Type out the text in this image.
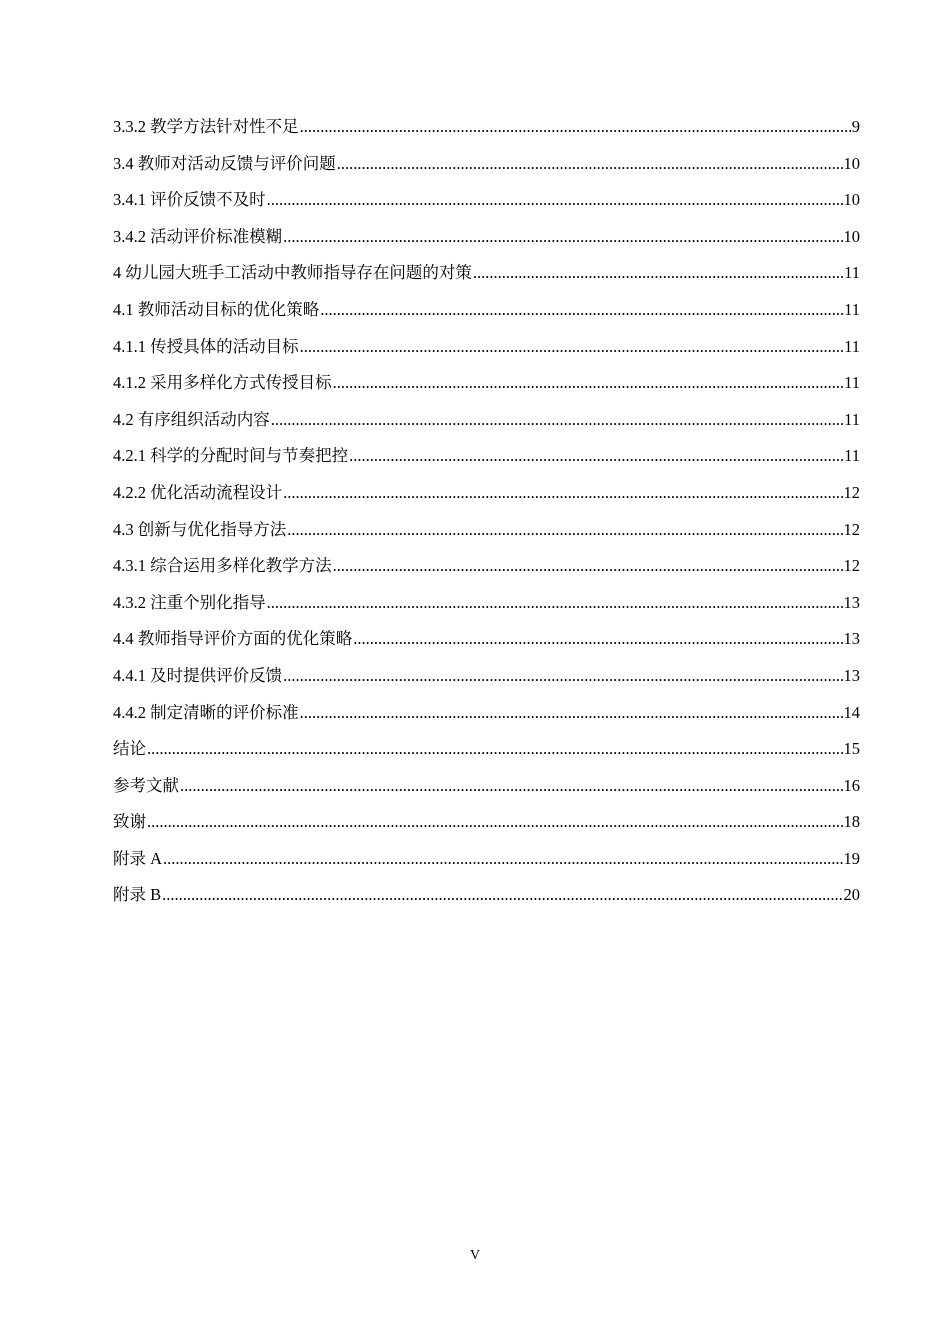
3.3.2 教学方法针对性不足 .....	9
3.4 教师对活动反馈与评价问题 .....	10
3.4.1 评价反馈不及时 .....	10
3.4.2 活动评价标准模糊 .....	10
4 幼儿园大班手工活动中教师指导存在问题的对策 .....	11
4.1 教师活动目标的优化策略 .....	11
4.1.1 传授具体的活动目标 .....	11
4.1.2 采用多样化方式传授目标 .....	11
4.2 有序组织活动内容 .....	11
4.2.1 科学的分配时间与节奏把控 .....	11
4.2.2 优化活动流程设计 .....	12
4.3 创新与优化指导方法 .....	12
4.3.1 综合运用多样化教学方法 .....	12
4.3.2 注重个别化指导 .....	13
4.4 教师指导评价方面的优化策略 .....	13
4.4.1 及时提供评价反馈 .....	13
4.4.2 制定清晰的评价标准 .....	14
结论 .....	15
参考文献 .....	16
致谢 .....	18
附录 A .....	19
附录 B .....	20
V
